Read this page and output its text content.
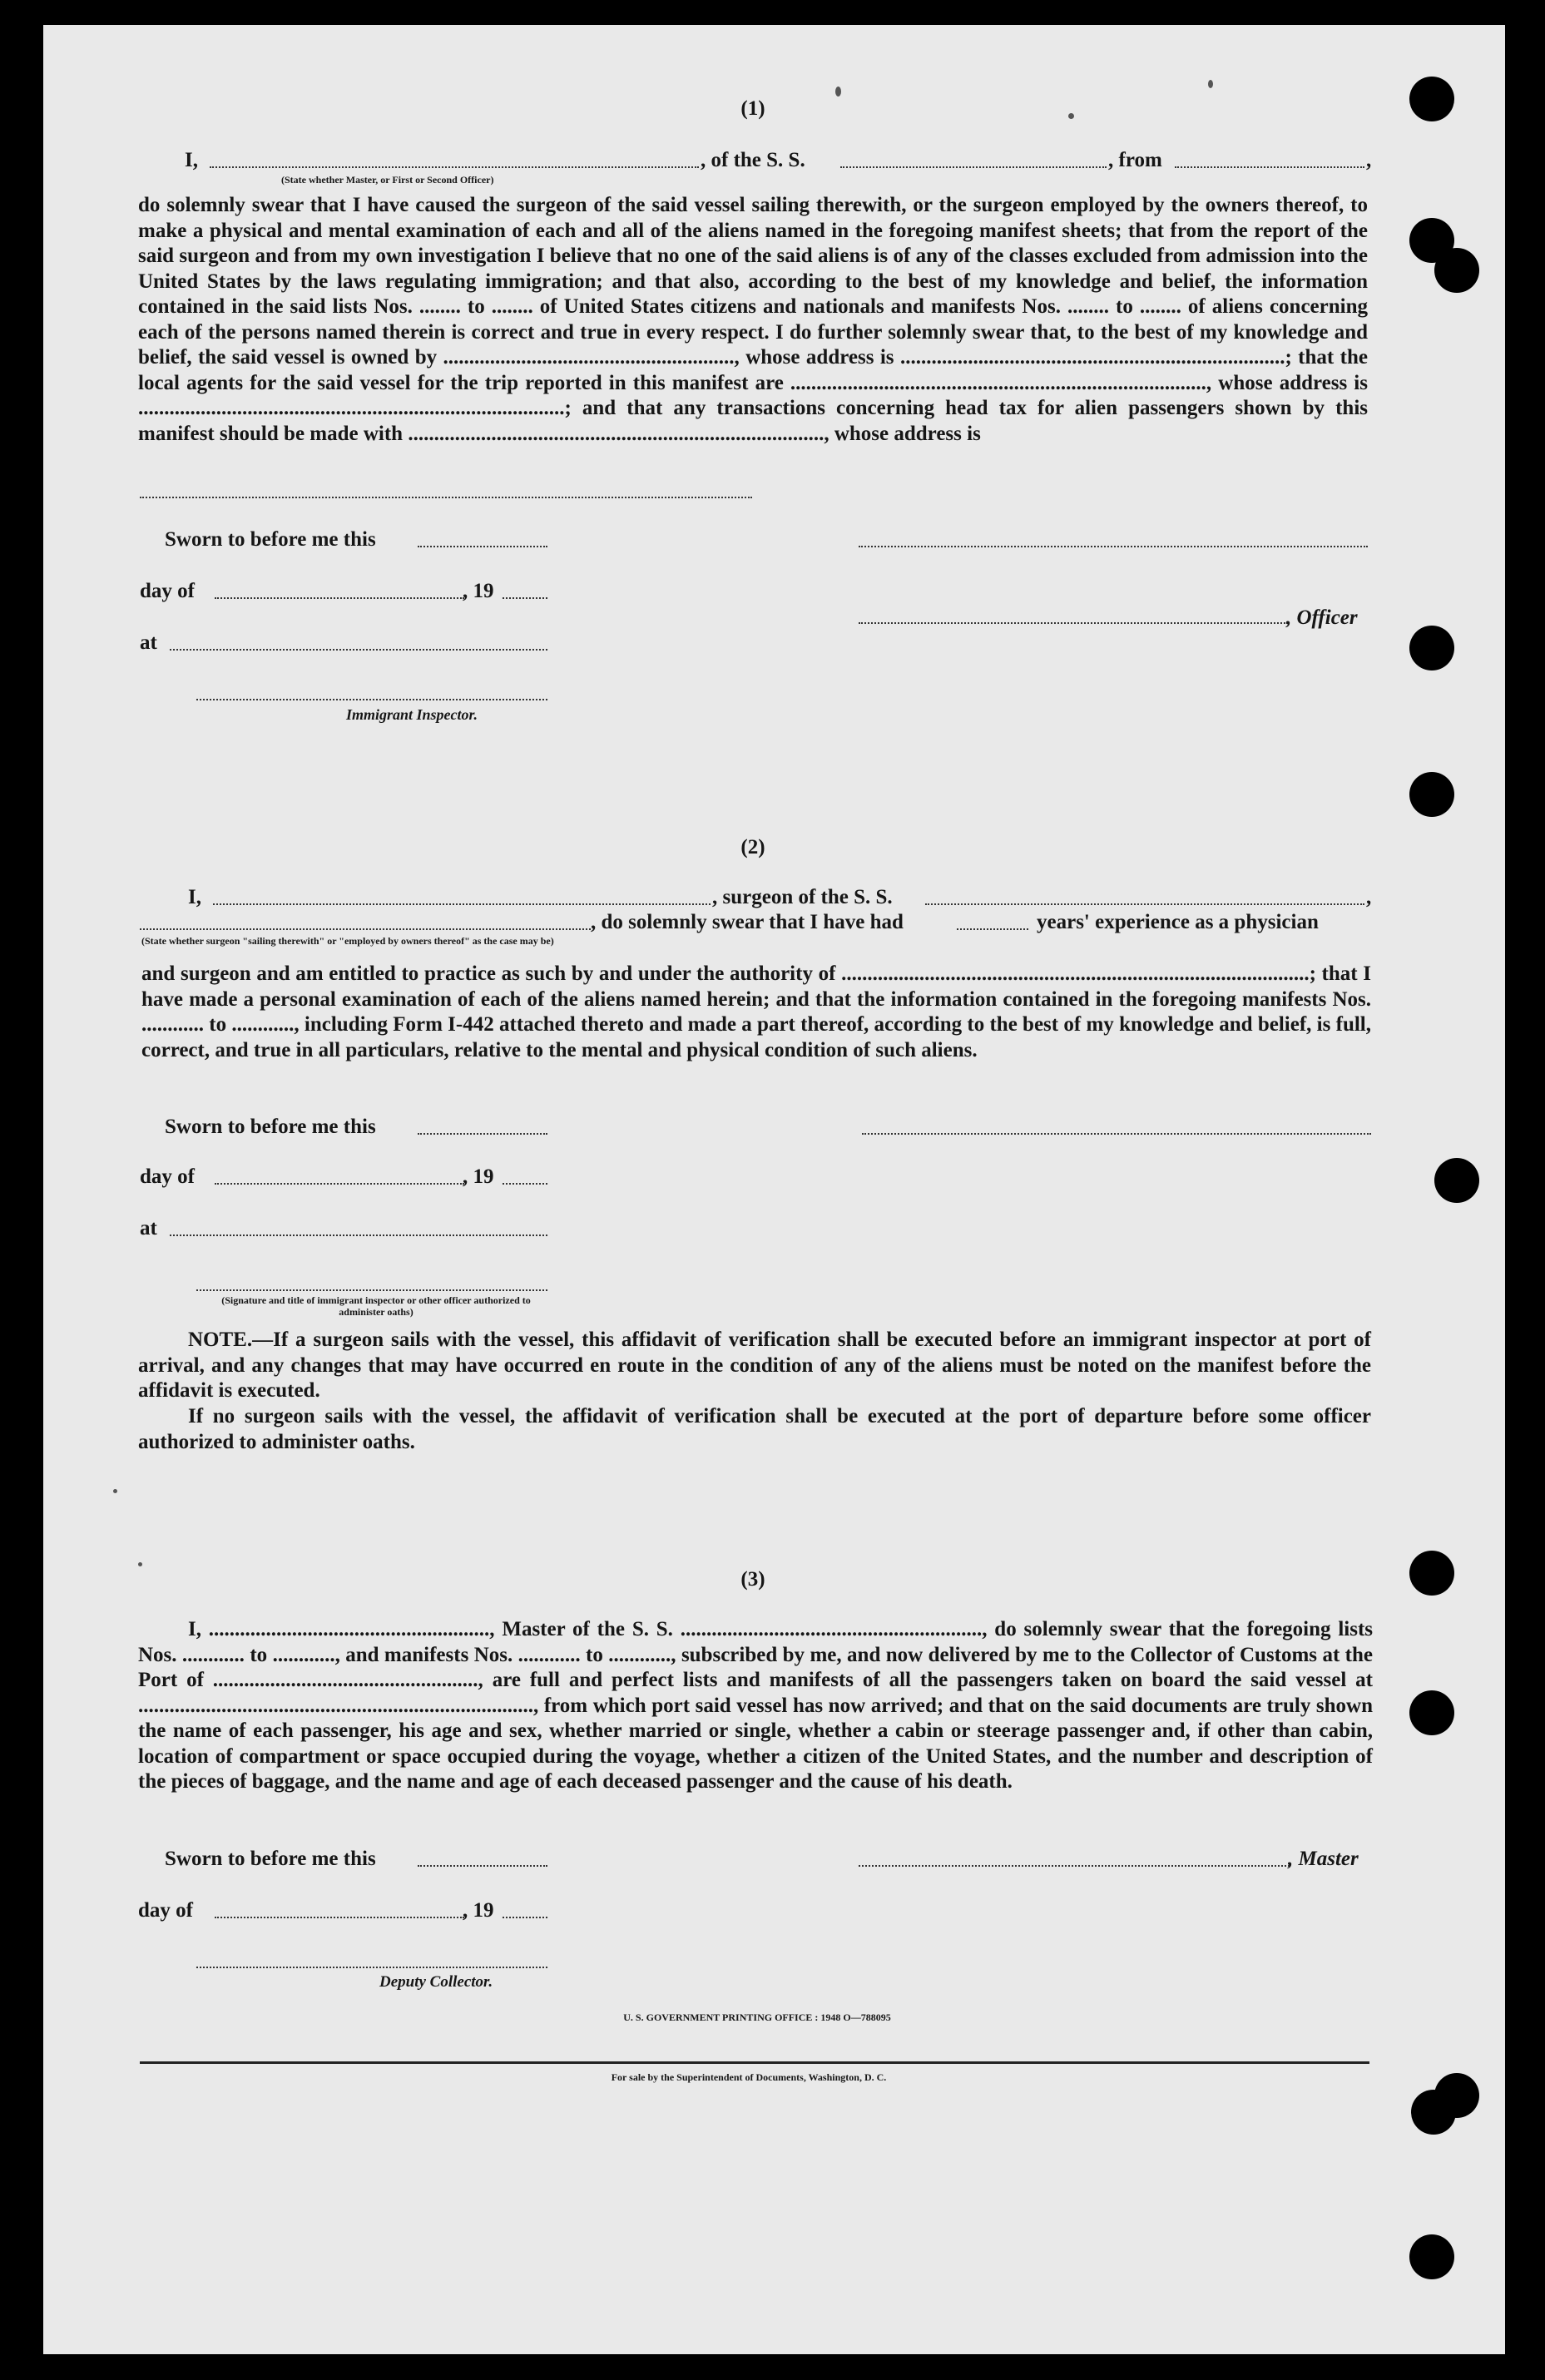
(1)
I,	, of the S. S.	, from	,
(State whether Master, or First or Second Officer)
do solemnly swear that I have caused the surgeon of the said vessel sailing therewith, or the surgeon employed by the owners thereof, to make a physical and mental examination of each and all of the aliens named in the foregoing manifest sheets; that from the report of the said surgeon and from my own investigation I believe that no one of the said aliens is of any of the classes excluded from admission into the United States by the laws regulating immigration; and that also, according to the best of my knowledge and belief, the information contained in the said lists Nos. ........ to ........ of United States citizens and nationals and manifests Nos. ........ to ........ of aliens concerning each of the persons named therein is correct and true in every respect. I do further solemnly swear that, to the best of my knowledge and belief, the said vessel is owned by ........................................................, whose address is ..........................................................................; that the local agents for the said vessel for the trip reported in this manifest are ................................................................................, whose address is ..................................................................................; and that any transactions concerning head tax for alien passengers shown by this manifest should be made with ................................................................................, whose address is
Sworn to before me this
day of	, 19
, Officer
at
Immigrant Inspector.
(2)
I,	, surgeon of the S. S.	,
, do solemnly swear that I have had	years' experience as a physician
(State whether surgeon "sailing therewith" or "employed by owners thereof" as the case may be)
and surgeon and am entitled to practice as such by and under the authority of ..........................................................................................; that I have made a personal examination of each of the aliens named herein; and that the information contained in the foregoing manifests Nos. ............ to ............, including Form I-442 attached thereto and made a part thereof, according to the best of my knowledge and belief, is full, correct, and true in all particulars, relative to the mental and physical condition of such aliens.
Sworn to before me this
day of	, 19
at
(Signature and title of immigrant inspector or other officer authorized to administer oaths)
NOTE.—If a surgeon sails with the vessel, this affidavit of verification shall be executed before an immigrant inspector at port of arrival, and any changes that may have occurred en route in the condition of any of the aliens must be noted on the manifest before the affidavit is executed.
If no surgeon sails with the vessel, the affidavit of verification shall be executed at the port of departure before some officer authorized to administer oaths.
(3)
I, ......................................................, Master of the S. S. .........................................................., do solemnly swear that the foregoing lists Nos. ............ to ............, and manifests Nos. ............ to ............, subscribed by me, and now delivered by me to the Collector of Customs at the Port of ..................................................., are full and perfect lists and manifests of all the passengers taken on board the said vessel at ............................................................................, from which port said vessel has now arrived; and that on the said documents are truly shown the name of each passenger, his age and sex, whether married or single, whether a cabin or steerage passenger and, if other than cabin, location of compartment or space occupied during the voyage, whether a citizen of the United States, and the number and description of the pieces of baggage, and the name and age of each deceased passenger and the cause of his death.
Sworn to before me this	, Master
day of	, 19
Deputy Collector.
U. S. GOVERNMENT PRINTING OFFICE : 1948 O—788095
For sale by the Superintendent of Documents, Washington, D. C.
